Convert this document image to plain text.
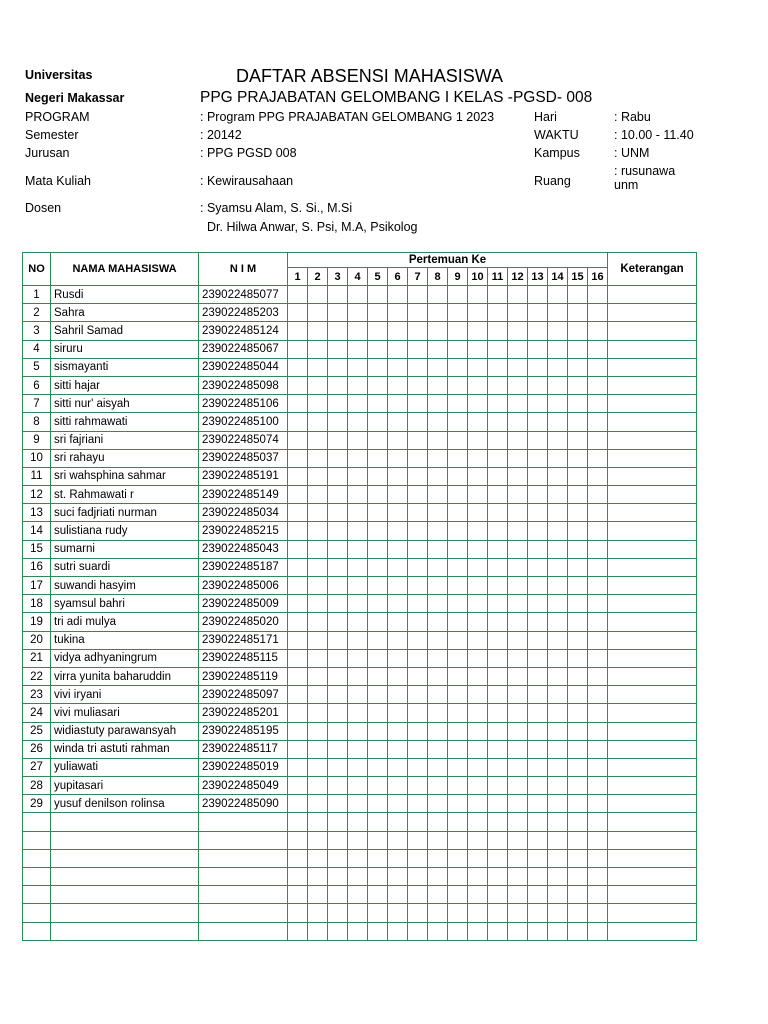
Universitas
Negeri Makassar
DAFTAR ABSENSI MAHASISWA
PPG PRAJABATAN GELOMBANG I KELAS -PGSD- 008
PROGRAM	: Program PPG PRAJABATAN GELOMBANG 1 2023
Semester	: 20142
Jurusan	: PPG PGSD 008
Mata Kuliah	: Kewirausahaan
Dosen	: Syamsu Alam, S. Si., M.Si
Dr. Hilwa Anwar, S. Psi, M.A, Psikolog
Hari	: Rabu
WAKTU	: 10.00 - 11.40
Kampus	: UNM
Ruang
: rusunawa
unm
NO	NAMA MAHASISWA	N I M	Pertemuan Ke																Keterangan
			1	2	3	4	5	6	7	8	9	10	11	12	13	14	15	16	
1	Rusdi	239022485077																	
2	Sahra	239022485203																	
3	Sahril Samad	239022485124																	
4	siruru	239022485067																	
5	sismayanti	239022485044																	
6	sitti hajar	239022485098																	
7	sitti nur' aisyah	239022485106																	
8	sitti rahmawati	239022485100																	
9	sri fajriani	239022485074																	
10	sri rahayu	239022485037																	
11	sri wahsphina sahmar	239022485191																	
12	st. Rahmawati r	239022485149																	
13	suci fadjriati nurman	239022485034																	
14	sulistiana rudy	239022485215																	
15	sumarni	239022485043																	
16	sutri suardi	239022485187																	
17	suwandi hasyim	239022485006																	
18	syamsul bahri	239022485009																	
19	tri adi mulya	239022485020																	
20	tukina	239022485171																	
21	vidya adhyaningrum	239022485115																	
22	virra yunita baharuddin	239022485119																	
23	vivi iryani	239022485097																	
24	vivi muliasari	239022485201																	
25	widiastuty parawansyah	239022485195																	
26	winda tri astuti rahman	239022485117																	
27	yuliawati	239022485019																	
28	yupitasari	239022485049																	
29	yusuf denilson rolinsa	239022485090																	
